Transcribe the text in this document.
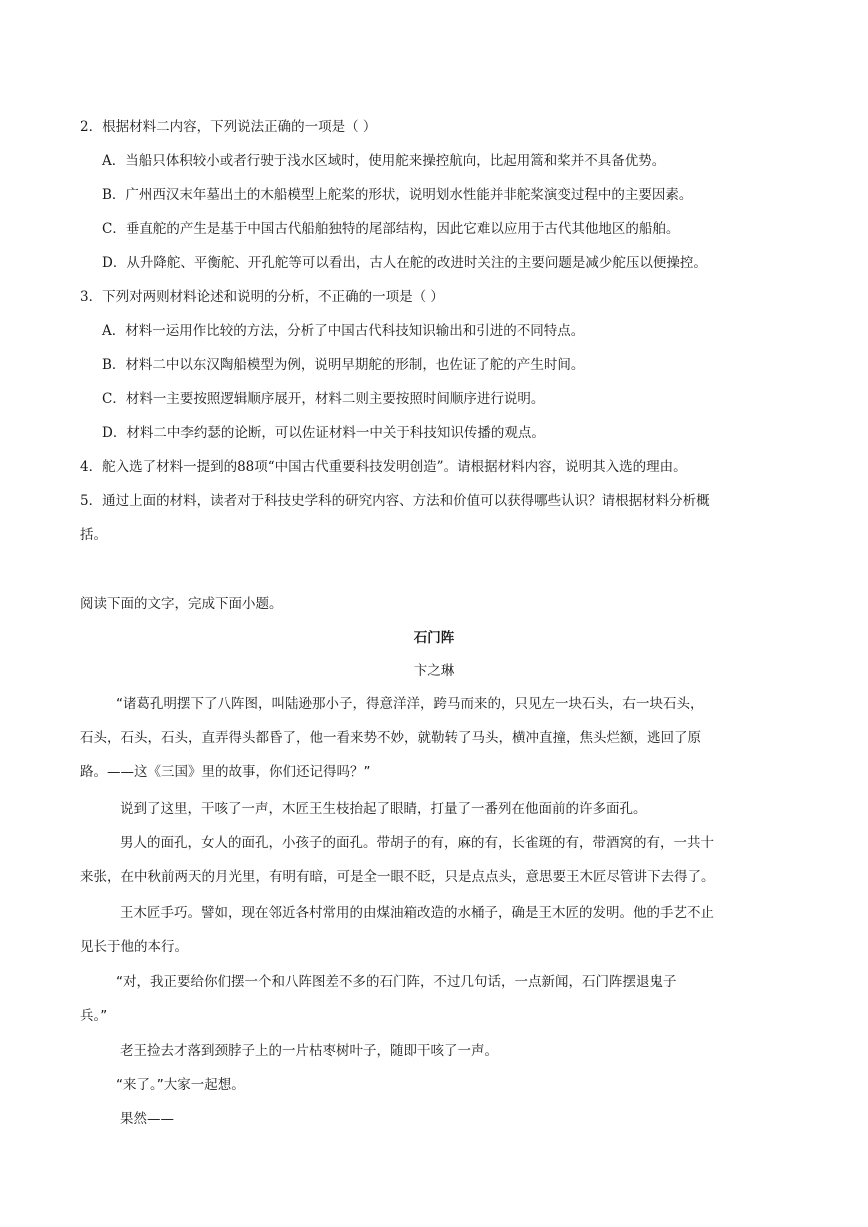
2．根据材料二内容，下列说法正确的一项是（ ）
A．当船只体积较小或者行驶于浅水区域时，使用舵来操控航向，比起用篙和桨并不具备优势。
B．广州西汉末年墓出土的木船模型上舵桨的形状，说明划水性能并非舵桨演变过程中的主要因素。
C．垂直舵的产生是基于中国古代船舶独特的尾部结构，因此它难以应用于古代其他地区的船舶。
D．从升降舵、平衡舵、开孔舵等可以看出，古人在舵的改进时关注的主要问题是减少舵压以便操控。
3．下列对两则材料论述和说明的分析，不正确的一项是（ ）
A．材料一运用作比较的方法，分析了中国古代科技知识输出和引进的不同特点。
B．材料二中以东汉陶船模型为例，说明早期舵的形制，也佐证了舵的产生时间。
C．材料一主要按照逻辑顺序展开，材料二则主要按照时间顺序进行说明。
D．材料二中李约瑟的论断，可以佐证材料一中关于科技知识传播的观点。
4．舵入选了材料一提到的88项“中国古代重要科技发明创造”。请根据材料内容，说明其入选的理由。
5．通过上面的材料，读者对于科技史学科的研究内容、方法和价值可以获得哪些认识？请根据材料分析概
括。
阅读下面的文字，完成下面小题。
石门阵
卞之琳
“诸葛孔明摆下了八阵图，叫陆逊那小子，得意洋洋，跨马而来的，只见左一块石头，右一块石头，
石头，石头，石头，直弄得头都昏了，他一看来势不妙，就勒转了马头，横冲直撞，焦头烂额，逃回了原
路。——这《三国》里的故事，你们还记得吗？”
说到了这里，干咳了一声，木匠王生枝抬起了眼睛，打量了一番列在他面前的许多面孔。
男人的面孔，女人的面孔，小孩子的面孔。带胡子的有，麻的有，长雀斑的有，带酒窝的有，一共十
来张，在中秋前两天的月光里，有明有暗，可是全一眼不眨，只是点点头，意思要王木匠尽管讲下去得了。
王木匠手巧。譬如，现在邻近各村常用的由煤油箱改造的水桶子，确是王木匠的发明。他的手艺不止
见长于他的本行。
“对，我正要给你们摆一个和八阵图差不多的石门阵，不过几句话，一点新闻，石门阵摆退鬼子
兵。”
老王捡去才落到颈脖子上的一片枯枣树叶子，随即干咳了一声。
“来了。”大家一起想。
果然——
